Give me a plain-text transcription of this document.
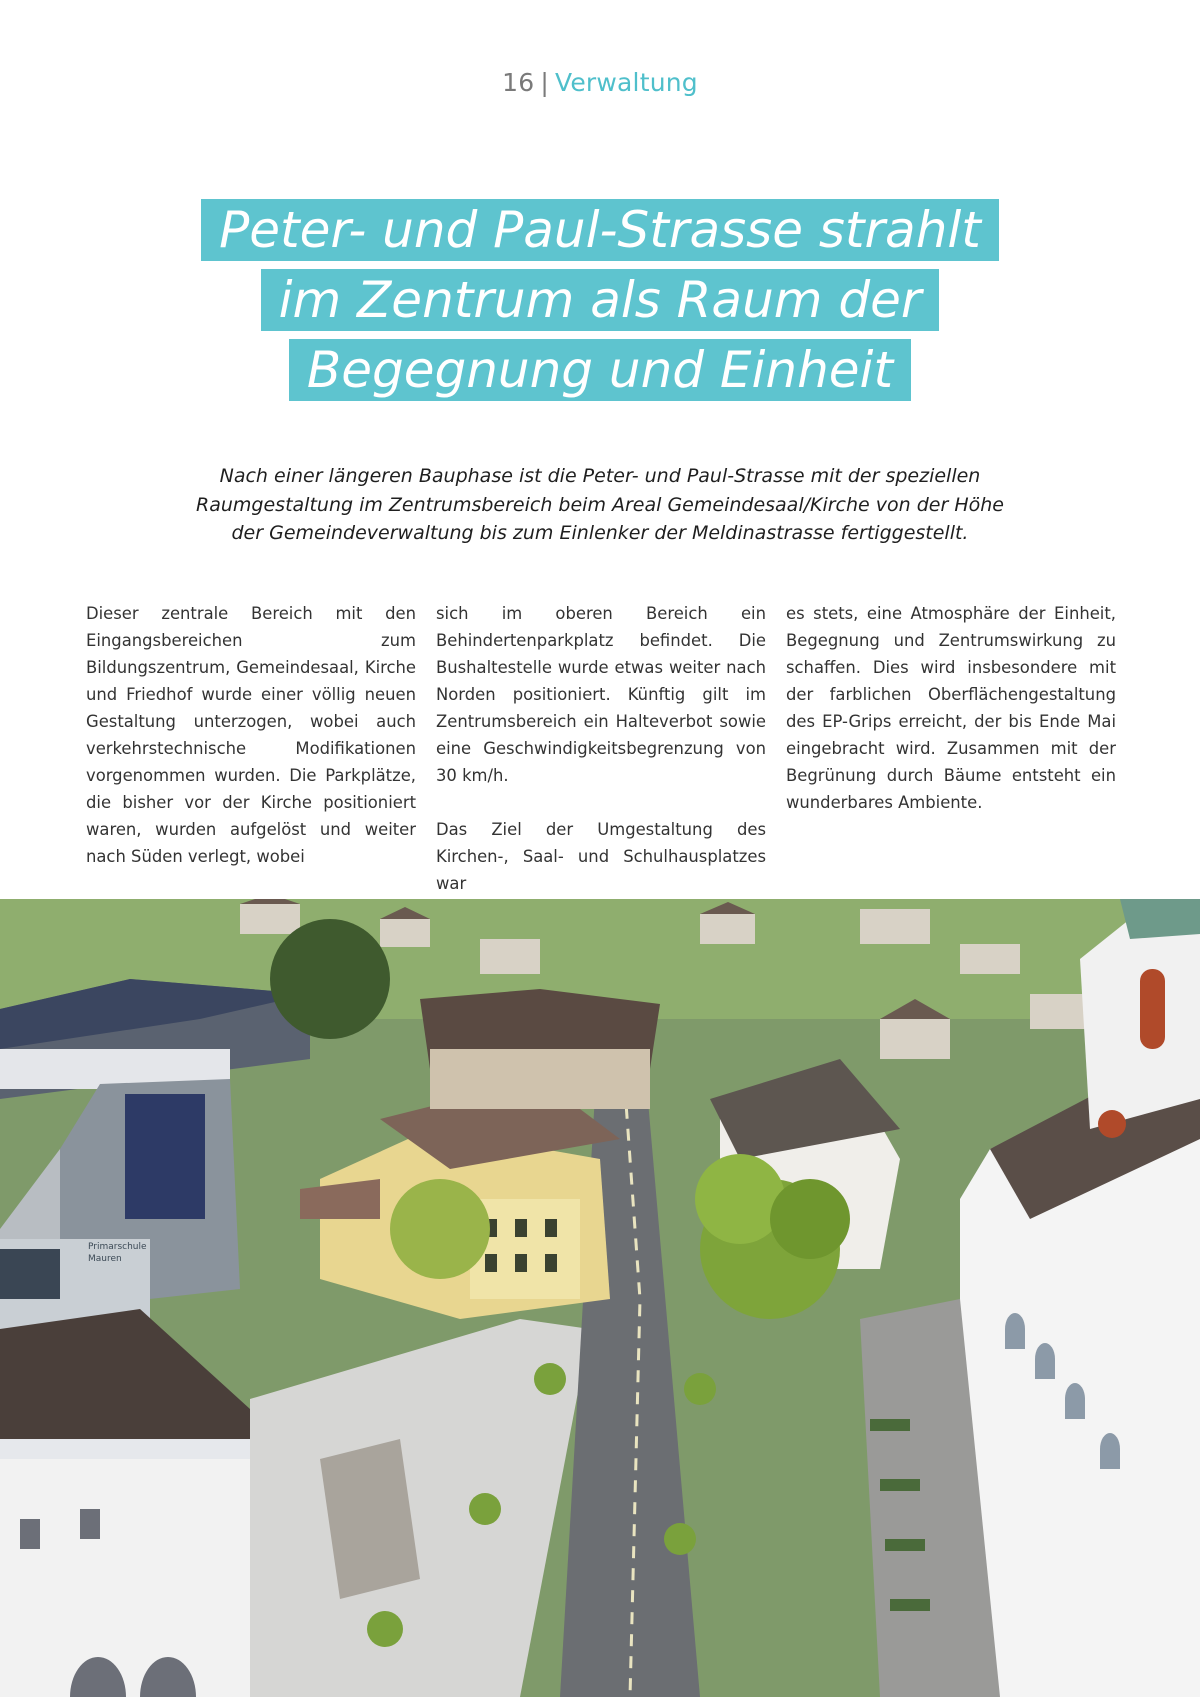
16 | Verwaltung
Peter- und Paul-Strasse strahlt
im Zentrum als Raum der
Begegnung und Einheit

Nach einer längeren Bauphase ist die Peter- und Paul-Strasse mit der speziellen

Raumgestaltung im Zentrumsbereich beim Areal Gemeindesaal/Kirche von der Höhe

der Gemeindeverwaltung bis zum Einlenker der Meldinastrasse fertiggestellt.

Dieser zentrale Bereich mit den Eingangsbereichen zum Bildungszentrum, Gemeindesaal, Kirche und Friedhof wurde einer völlig neuen Gestaltung unterzogen, wobei auch verkehrstechnische Modifikationen vorgenommen wurden. Die Parkplätze, die bisher vor der Kirche positioniert waren, wurden aufgelöst und weiter nach Süden verlegt, wobei

sich im oberen Bereich ein Behindertenparkplatz befindet. Die Bushaltestelle wurde etwas weiter nach Norden positioniert. Künftig gilt im Zentrumsbereich ein Halteverbot sowie eine Geschwindigkeitsbegrenzung von 30 km/h.

Das Ziel der Umgestaltung des Kirchen-, Saal- und Schulhausplatzes war

es stets, eine Atmosphäre der Einheit, Begegnung und Zentrumswirkung zu schaffen. Dies wird insbesondere mit der farblichen Oberflächengestaltung des EP-Grips erreicht, der bis Ende Mai eingebracht wird. Zusammen mit der Begrünung durch Bäume entsteht ein wunderbares Ambiente.

Primarschule
Mauren
